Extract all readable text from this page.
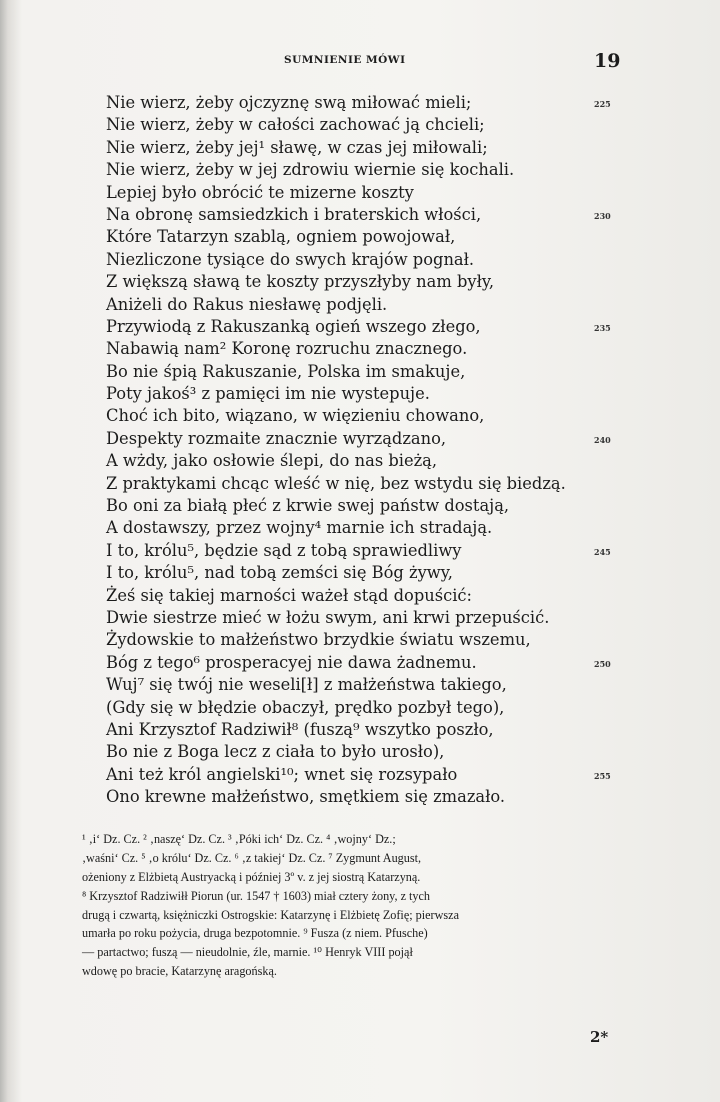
SUMNIENIE MÓWI	19
Nie wierz, żeby ojczyznę swą miłować mieli;	225
Nie wierz, żeby w całości zachować ją chcieli;
Nie wierz, żeby jej¹ sławę, w czas jej miłowali;
Nie wierz, żeby w jej zdrowiu wiernie się kochali.
Lepiej było obrócić te mizerne koszty
Na obronę samsiedzkich i braterskich włości,	230
Które Tatarzyn szablą, ogniem powojował,
Niezliczone tysiące do swych krajów pognał.
Z większą sławą te koszty przyszłyby nam były,
Aniżeli do Rakus niesławę podjęli.
Przywiodą z Rakuszanką ogień wszego złego,	235
Nabawią nam² Koronę rozruchu znacznego.
Bo nie śpią Rakuszanie, Polska im smakuje,
Poty jakoś³ z pamięci im nie wystepuje.
Choć ich bito, wiązano, w więzieniu chowano,
Despekty rozmaite znacznie wyrządzano,	240
A wżdy, jako osłowie ślepi, do nas bieżą,
Z praktykami chcąc wleść w nię, bez wstydu się biedzą.
Bo oni za białą płeć z krwie swej państw dostają,
A dostawszy, przez wojny⁴ marnie ich stradają.
I to, królu⁵, będzie sąd z tobą sprawiedliwy	245
I to, królu⁵, nad tobą zemści się Bóg żywy,
Żeś się takiej marności ważeł stąd dopuścić:
Dwie siestrze mieć w łożu swym, ani krwi przepuścić.
Żydowskie to małżeństwo brzydkie światu wszemu,
Bóg z tego⁶ prosperacyej nie dawa żadnemu.	250
Wuj⁷ się twój nie weseli[ł] z małżeństwa takiego,
(Gdy się w błędzie obaczył, prędko pozbył tego),
Ani Krzysztof Radziwił⁸ (fuszą⁹ wszytko poszło,
Bo nie z Boga lecz z ciała to było urosło),
Ani też król angielski¹⁰; wnet się rozsypało	255
Ono krewne małżeństwo, smętkiem się zmazało.
¹ ‚i‘ Dz. Cz. ² ‚naszę‘ Dz. Cz. ³ ‚Póki ich‘ Dz. Cz. ⁴ ‚wojny‘ Dz.;
‚waśni‘ Cz. ⁵ ‚o królu‘ Dz. Cz. ⁶ ‚z takiej‘ Dz. Cz. ⁷ Zygmunt August,
ożeniony z Elżbietą Austryacką i później 3º v. z jej siostrą Katarzyną.
⁸ Krzysztof Radziwiłł Piorun (ur. 1547 † 1603) miał cztery żony, z tych
drugą i czwartą, księżniczki Ostrogskie: Katarzynę i Elżbietę Zofię; pierwsza
umarła po roku pożycia, druga bezpotomnie. ⁹ Fusza (z niem. Pfusche)
— partactwo; fuszą — nieudolnie, źle, marnie. ¹⁰ Henryk VIII pojął
wdowę po bracie, Katarzynę aragońską.
2*
